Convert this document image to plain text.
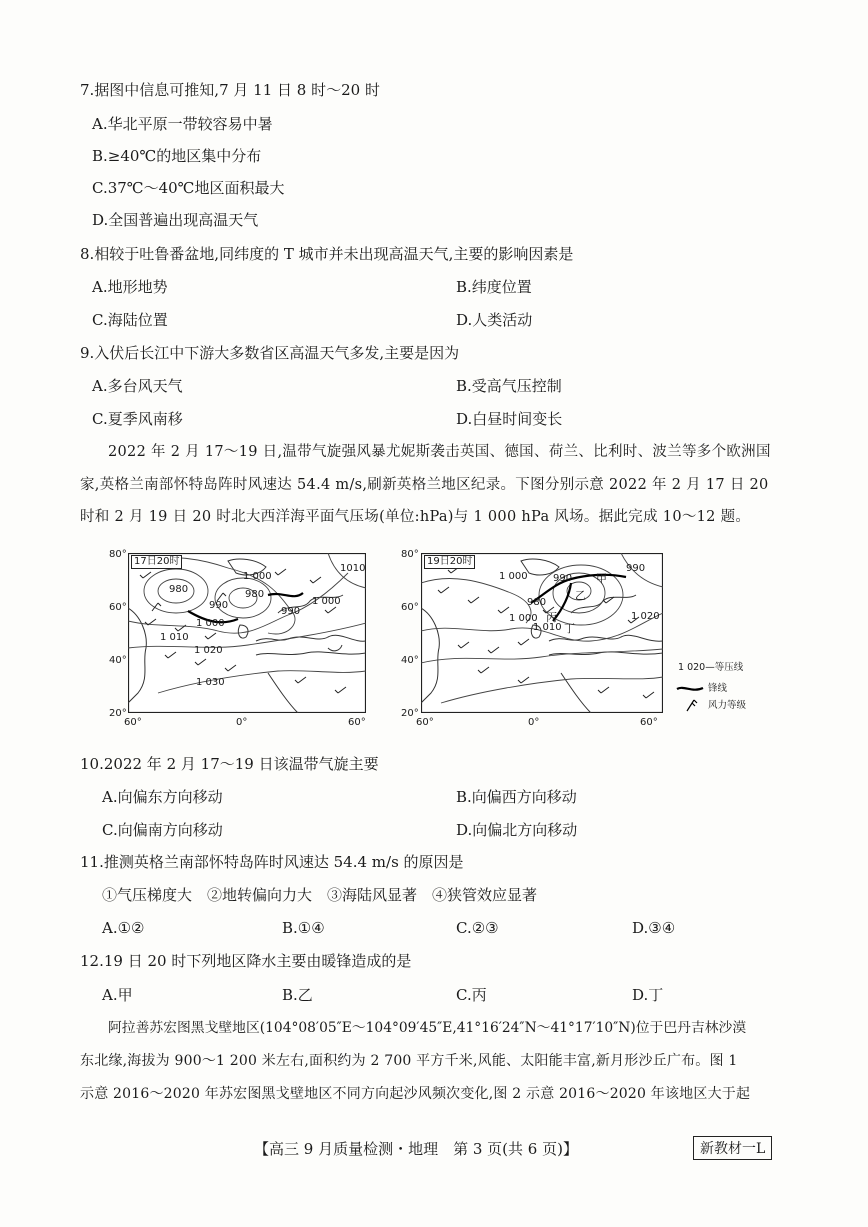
7.据图中信息可推知,7 月 11 日 8 时～20 时
A.华北平原一带较容易中暑
B.≥40℃的地区集中分布
C.37℃～40℃地区面积最大
D.全国普遍出现高温天气
8.相较于吐鲁番盆地,同纬度的 T 城市并未出现高温天气,主要的影响因素是
A.地形地势	B.纬度位置
C.海陆位置	D.人类活动
9.入伏后长江中下游大多数省区高温天气多发,主要是因为
A.多台风天气	B.受高气压控制
C.夏季风南移	D.白昼时间变长
2022 年 2 月 17～19 日,温带气旋强风暴尤妮斯袭击英国、德国、荷兰、比利时、波兰等多个欧洲国
家,英格兰南部怀特岛阵时风速达 54.4 m/s,刷新英格兰地区纪录。下图分别示意 2022 年 2 月 17 日 20
时和 2 月 19 日 20 时北大西洋海平面气压场(单位:hPa)与 1 000 hPa 风场。据此完成 10～12 题。
80°
60°
40°
20°
60°	0°	60°
17日20时
980
1 000
980
990
1 000
1 000
1 010
1 020
1 030
1010
990
80°
60°
40°
20°
60°	0°	60°
19日20时
1 000	990
980
甲
乙
1 000 丙
丁
1 020
1 010
990
1 020—等压线
锋线
风力等级
10.2022 年 2 月 17～19 日该温带气旋主要
A.向偏东方向移动	B.向偏西方向移动
C.向偏南方向移动	D.向偏北方向移动
11.推测英格兰南部怀特岛阵时风速达 54.4 m/s 的原因是
①气压梯度大　②地转偏向力大　③海陆风显著　④狭管效应显著
A.①②	B.①④	C.②③	D.③④
12.19 日 20 时下列地区降水主要由暖锋造成的是
A.甲	B.乙	C.丙	D.丁
阿拉善苏宏图黑戈壁地区(104°08′05″E～104°09′45″E,41°16′24″N～41°17′10″N)位于巴丹吉林沙漠
东北缘,海拔为 900～1 200 米左右,面积约为 2 700 平方千米,风能、太阳能丰富,新月形沙丘广布。图 1
示意 2016～2020 年苏宏图黑戈壁地区不同方向起沙风频次变化,图 2 示意 2016～2020 年该地区大于起
【高三 9 月质量检测・地理　第 3 页(共 6 页)】	新教材一L
